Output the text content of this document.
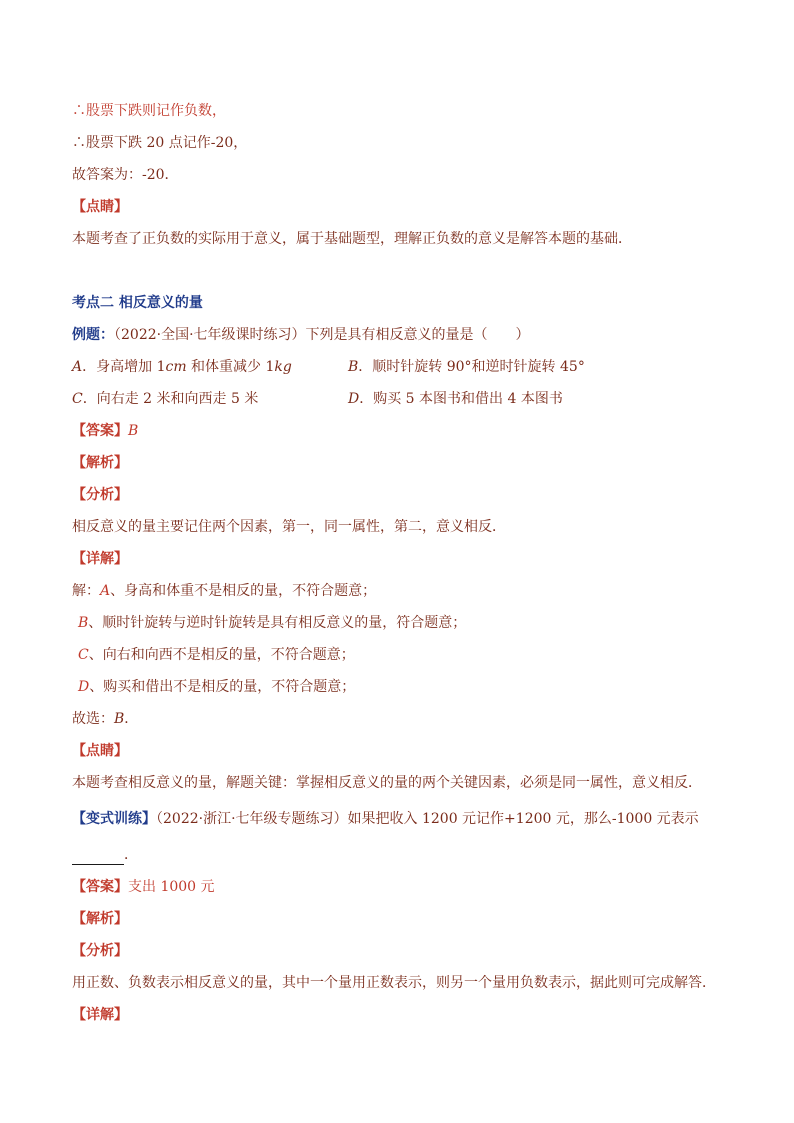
∴股票下跌则记作负数，
∴股票下跌 20 点记作-20，
故答案为：-20．
【点睛】
本题考查了正负数的实际用于意义，属于基础题型，理解正负数的意义是解答本题的基础．
考点二 相反意义的量
例题：（2022·全国·七年级课时练习）下列是具有相反意义的量是（　　）
A．身高增加 1cm 和体重减少 1kg	B．顺时针旋转 90°和逆时针旋转 45°
C．向右走 2 米和向西走 5 米	D．购买 5 本图书和借出 4 本图书
【答案】B
【解析】
【分析】
相反意义的量主要记住两个因素，第一，同一属性，第二，意义相反．
【详解】
解：A、身高和体重不是相反的量，不符合题意；
B、顺时针旋转与逆时针旋转是具有相反意义的量，符合题意；
C、向右和向西不是相反的量，不符合题意；
D、购买和借出不是相反的量，不符合题意；
故选：B．
【点睛】
本题考查相反意义的量，解题关键：掌握相反意义的量的两个关键因素，必须是同一属性，意义相反．
【变式训练】（2022·浙江·七年级专题练习）如果把收入 1200 元记作+1200 元，那么-1000 元表示
．
【答案】支出 1000 元
【解析】
【分析】
用正数、负数表示相反意义的量，其中一个量用正数表示，则另一个量用负数表示，据此则可完成解答．
【详解】
